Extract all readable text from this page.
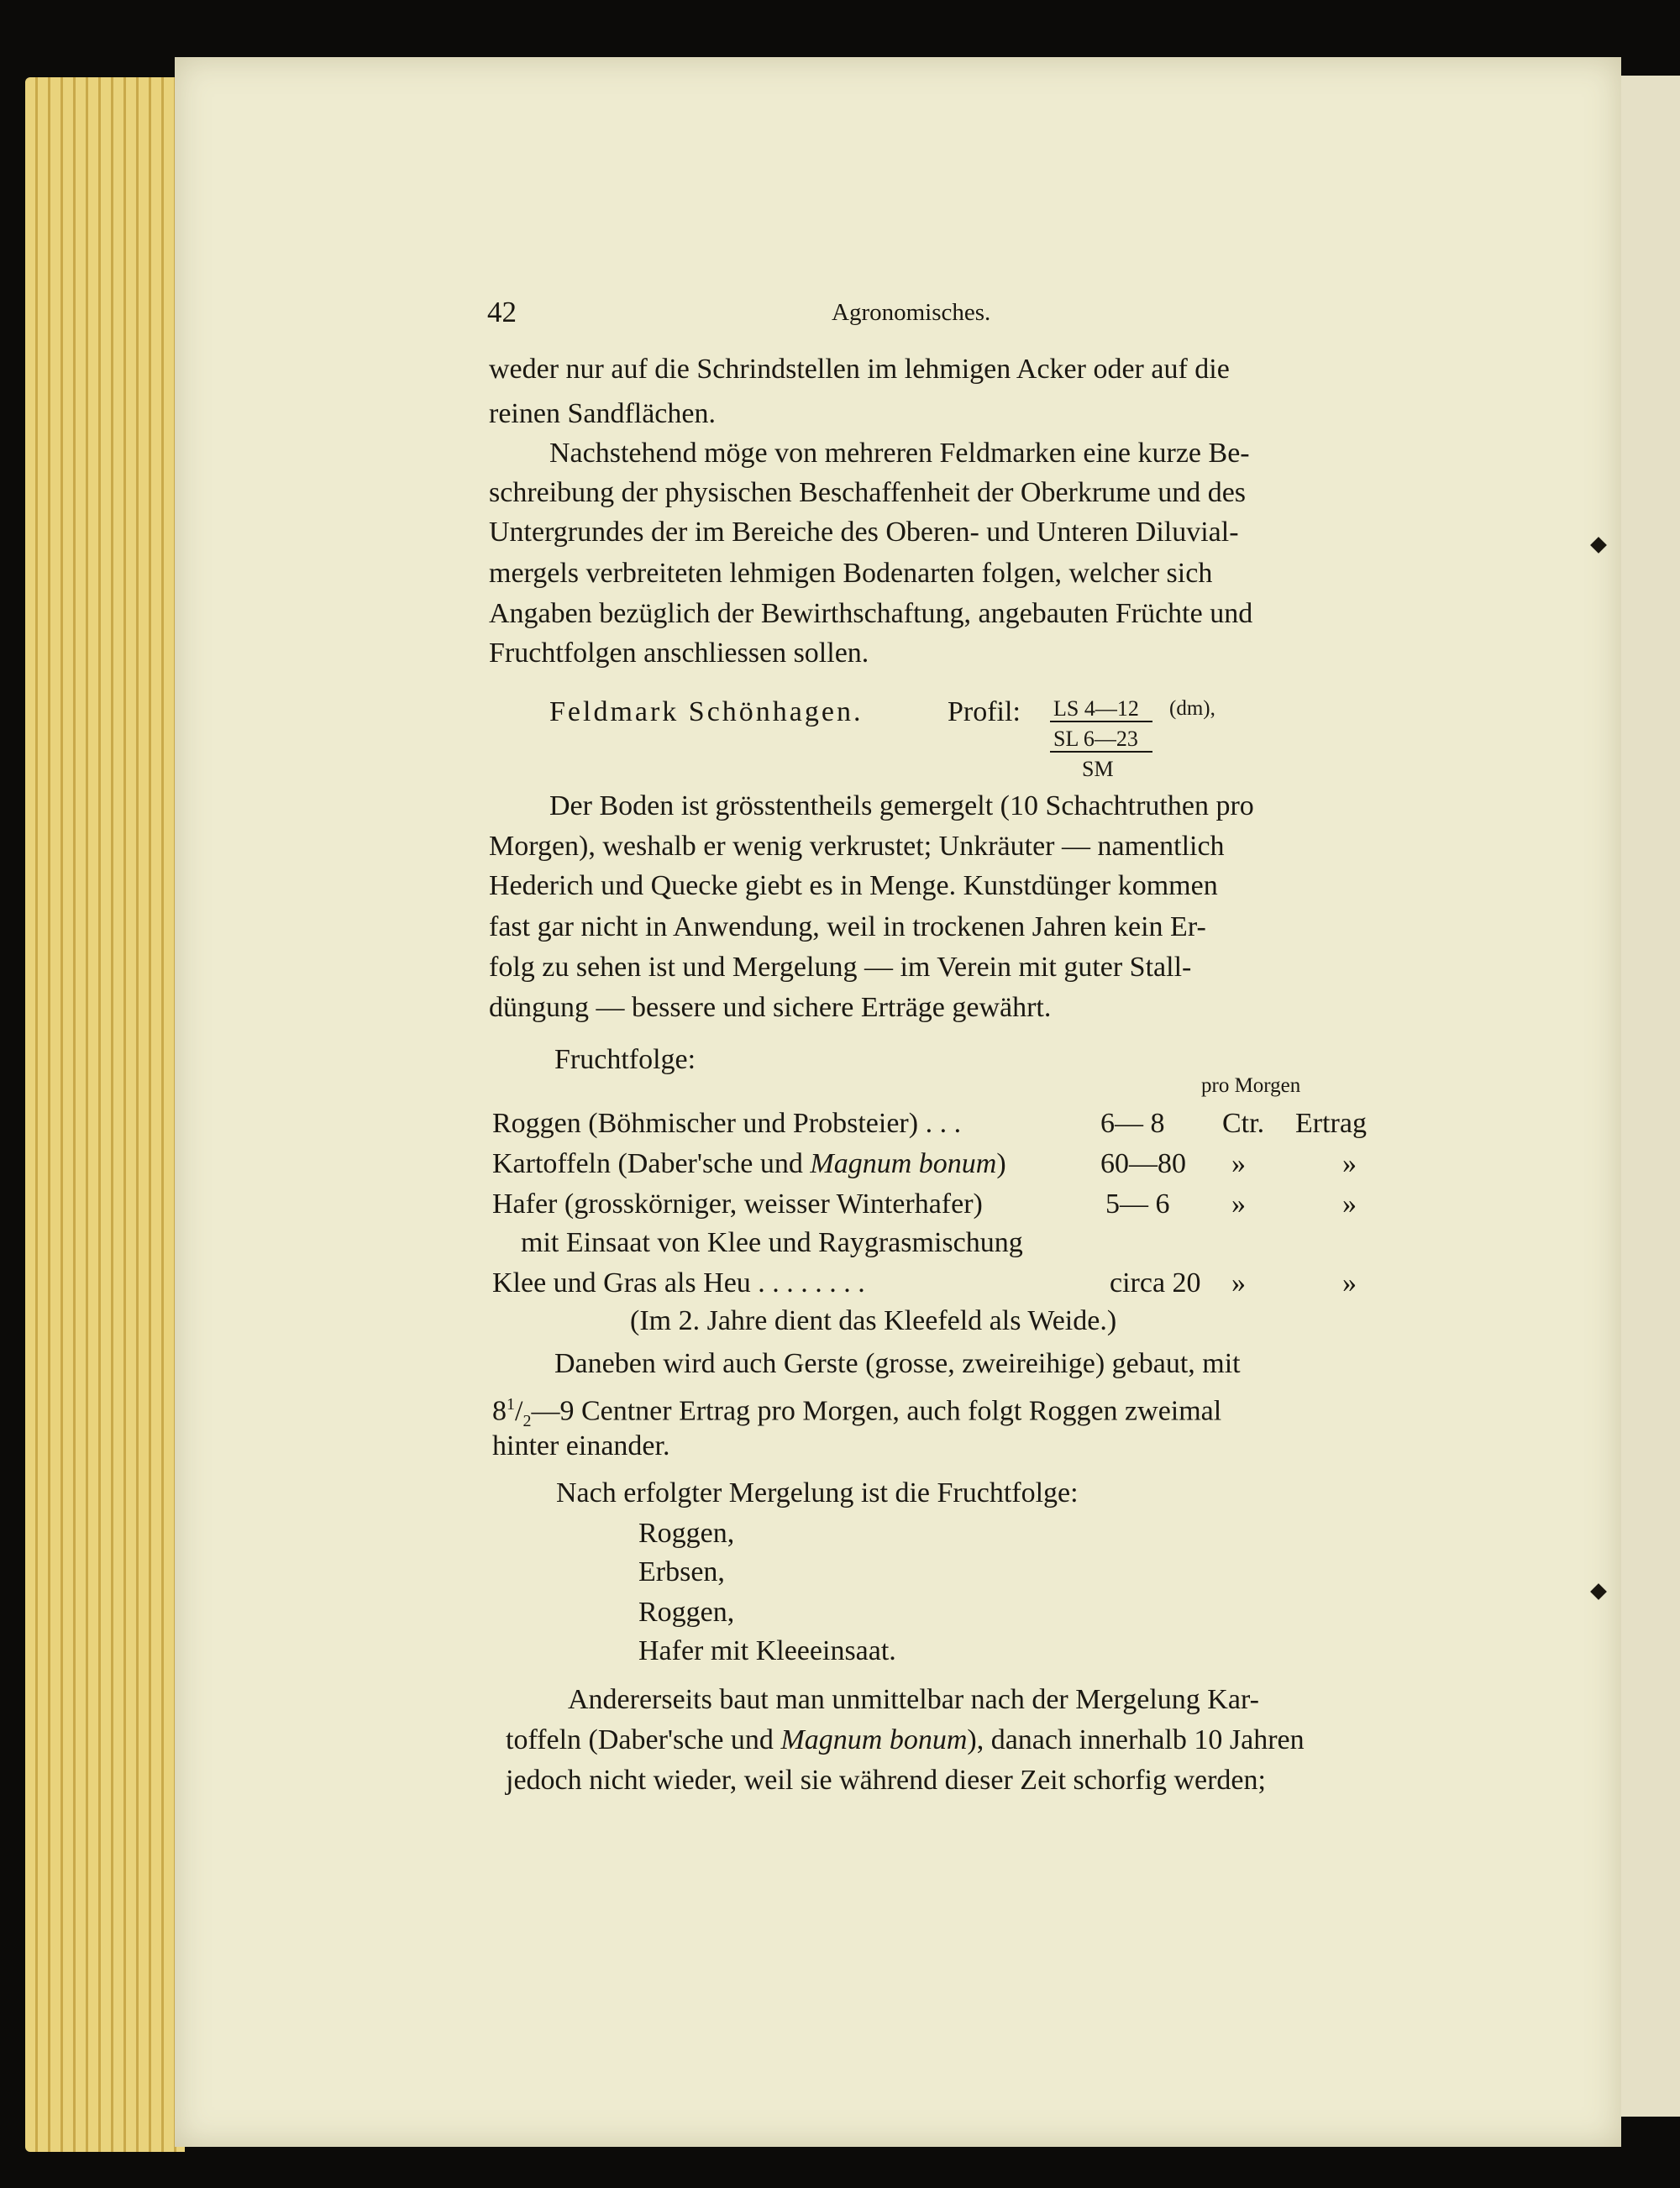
42	Agronomisches.
weder nur auf die Schrindstellen im lehmigen Acker oder auf die
reinen Sandflächen.
Nachstehend möge von mehreren Feldmarken eine kurze Be-
schreibung der physischen Beschaffenheit der Oberkrume und des
Untergrundes der im Bereiche des Oberen- und Unteren Diluvial-
mergels verbreiteten lehmigen Bodenarten folgen, welcher sich
Angaben bezüglich der Bewirthschaftung, angebauten Früchte und
Fruchtfolgen anschliessen sollen.
Feldmark Schönhagen.	Profil: LS 4—12 (dm),
SL 6—23
SM
Der Boden ist grösstentheils gemergelt (10 Schachtruthen pro
Morgen), weshalb er wenig verkrustet; Unkräuter — namentlich
Hederich und Quecke giebt es in Menge. Kunstdünger kommen
fast gar nicht in Anwendung, weil in trockenen Jahren kein Er-
folg zu sehen ist und Mergelung — im Verein mit guter Stall-
düngung — bessere und sichere Erträge gewährt.
Fruchtfolge:
pro Morgen
Roggen (Böhmischer und Probsteier) . . .	6— 8 Ctr. Ertrag
Kartoffeln (Daber'sche und Magnum bonum)	60—80 »	»
Hafer (grosskörniger, weisser Winterhafer)	5— 6 »	»
mit Einsaat von Klee und Raygrasmischung
Klee und Gras als Heu . . . . . . . .	circa 20 »	»
(Im 2. Jahre dient das Kleefeld als Weide.)
Daneben wird auch Gerste (grosse, zweireihige) gebaut, mit
$8^1/_2—9$ Centner Ertrag pro Morgen, auch folgt Roggen zweimal
hinter einander.
Nach erfolgter Mergelung ist die Fruchtfolge:
Roggen,
Erbsen,
Roggen,
Hafer mit Kleeeinsaat.
Andererseits baut man unmittelbar nach der Mergelung Kar-
toffeln (Daber'sche und Magnum bonum), danach innerhalb 10 Jahren
jedoch nicht wieder, weil sie während dieser Zeit schorfig werden;
